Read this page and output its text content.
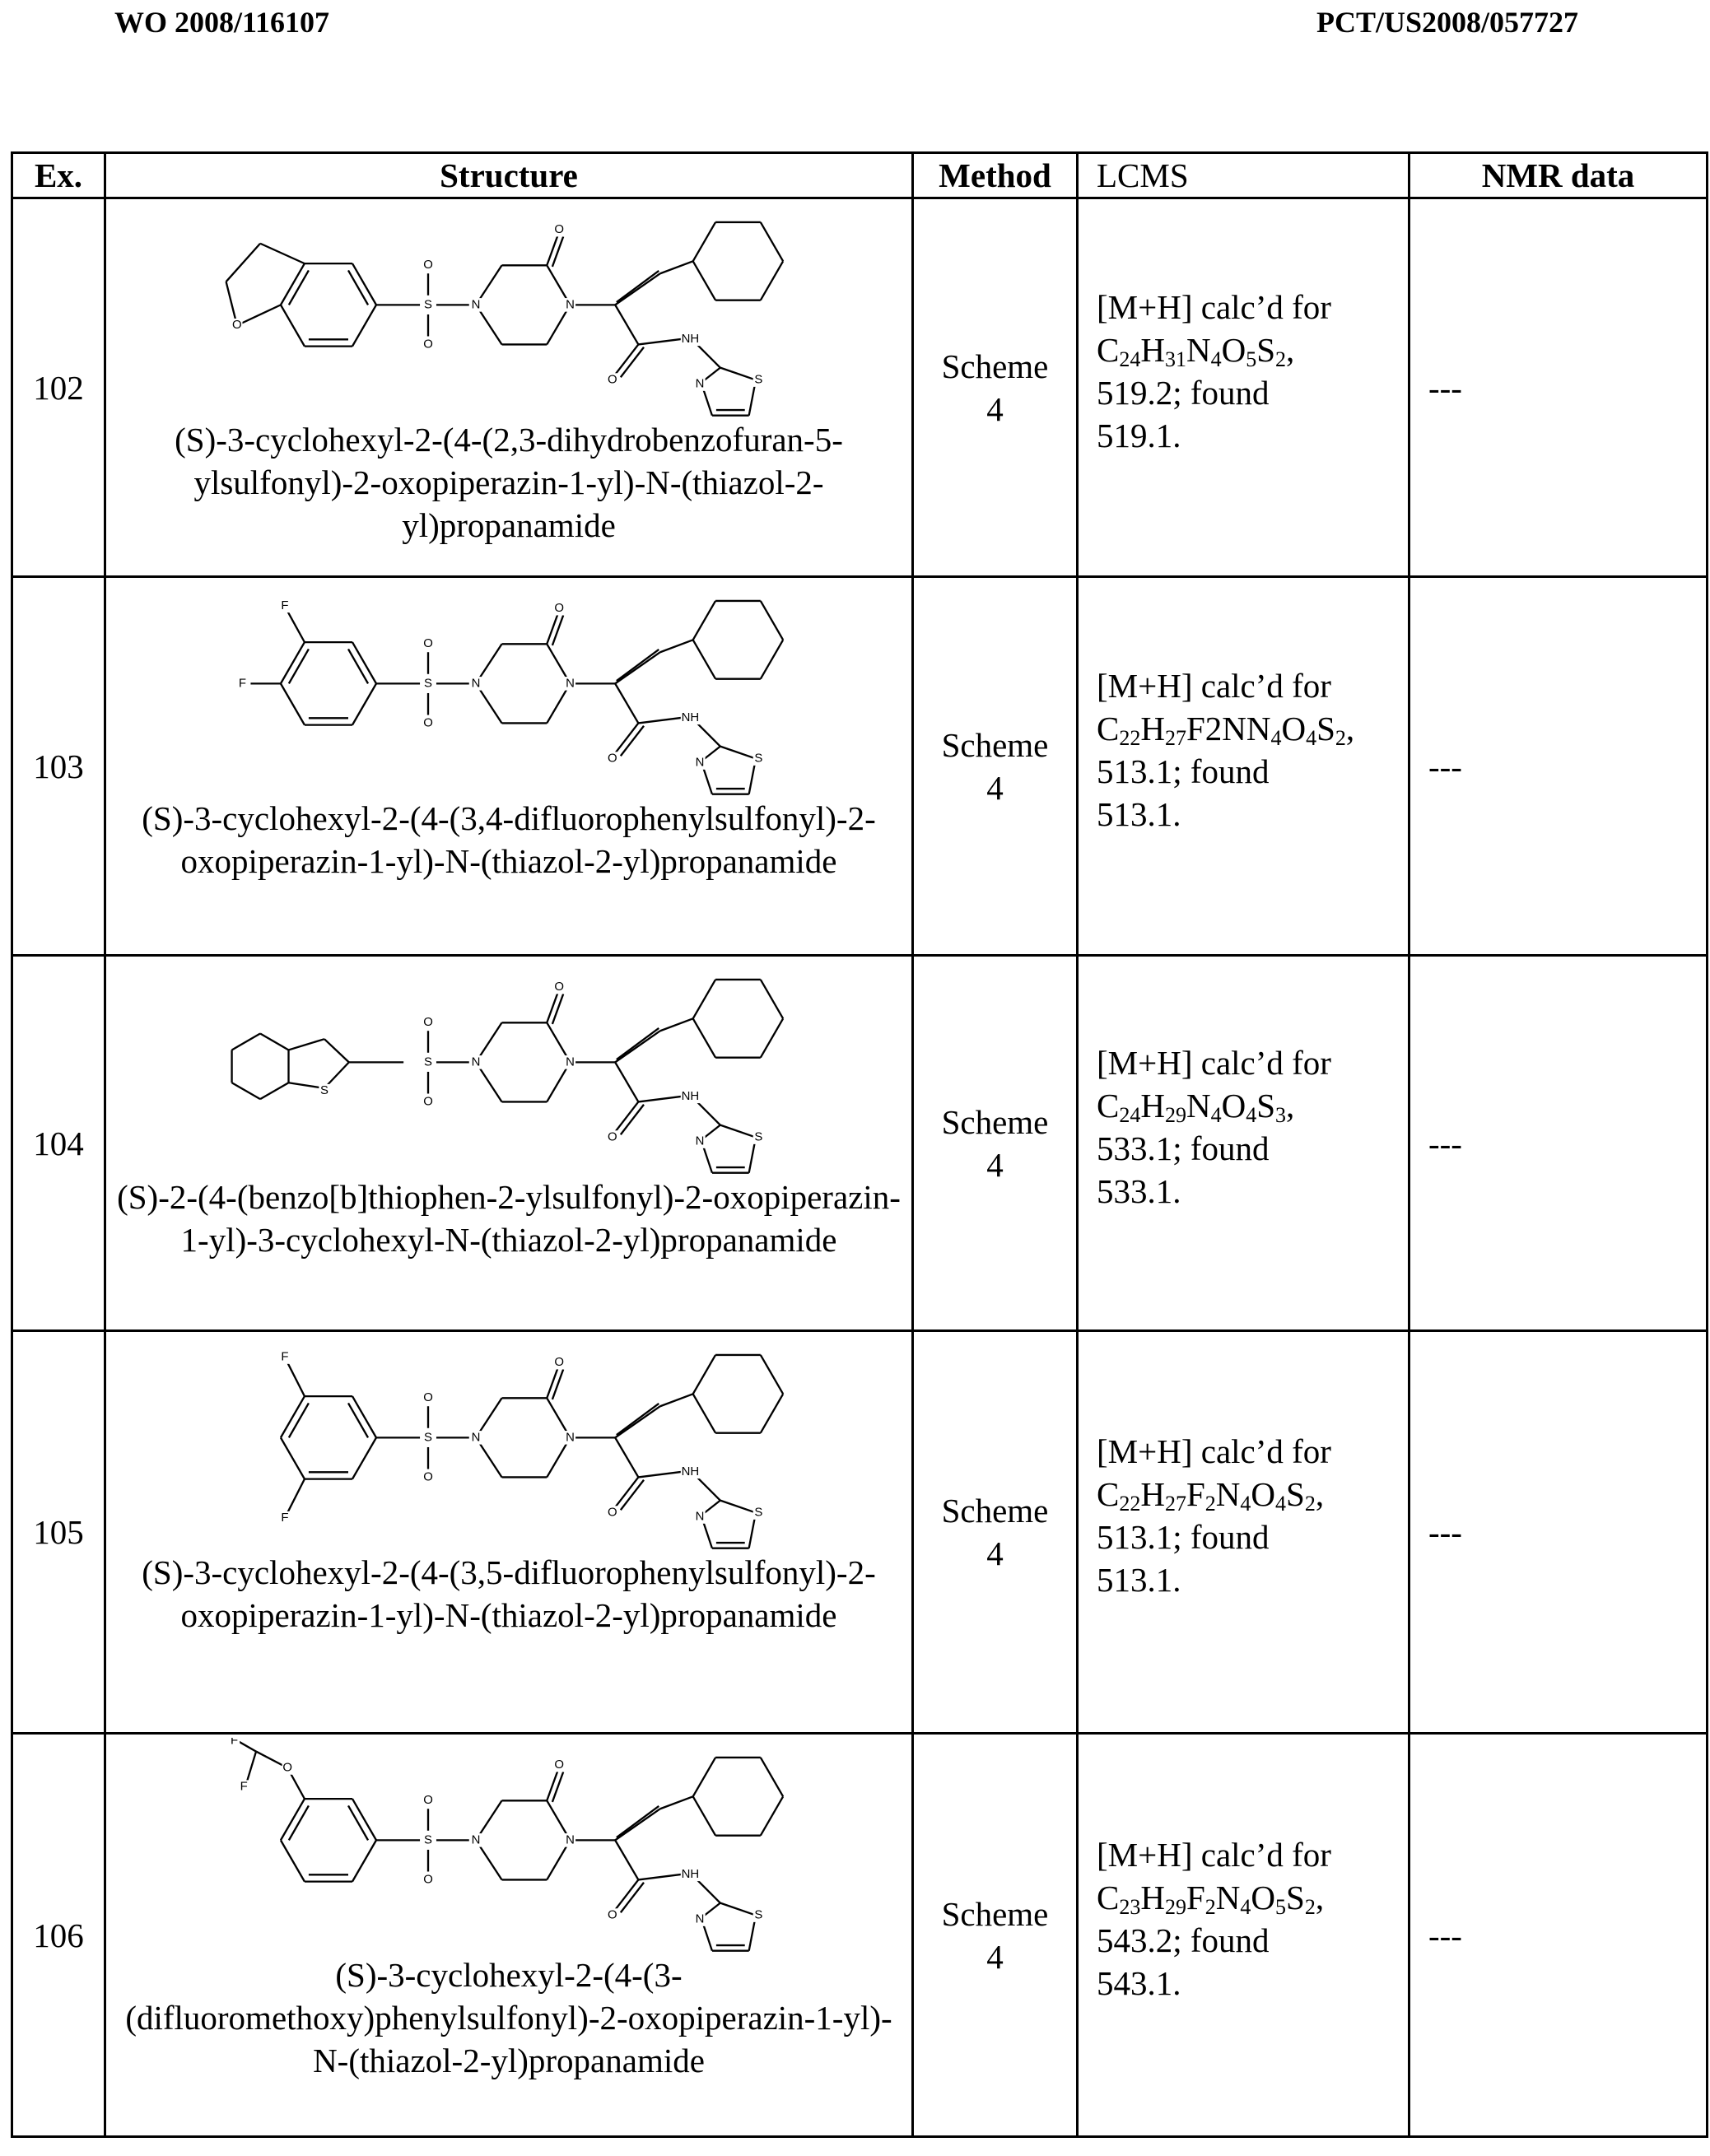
WO 2008/116107	PCT/US2008/057727
Ex.	Structure	Method	LCMS	NMR data
102	
O
S
O
O
N	N
O
O
NH
S
N
(S)-3-cyclohexyl-2-(4-(2,3-dihydrobenzofuran-5-ylsulfonyl)-2-oxopiperazin-1-yl)-N-(thiazol-2-yl)propanamide
	Scheme
4	[M+H] calc’d for
C24H31N4O5S2,
519.2; found
519.1.	---
103	
F
F	S
O
O
N	N
O
O
NH
S
N
(S)-3-cyclohexyl-2-(4-(3,4-difluorophenylsulfonyl)-2-oxopiperazin-1-yl)-N-(thiazol-2-yl)propanamide
	Scheme
4	[M+H] calc’d for
C22H27F2NN4O4S2,
513.1; found
513.1.	---
104	
S
S
O
O
N	N
O
O
NH
S
N
(S)-2-(4-(benzo[b]thiophen-2-ylsulfonyl)-2-oxopiperazin-1-yl)-3-cyclohexyl-N-(thiazol-2-yl)propanamide
	Scheme
4	[M+H] calc’d for
C24H29N4O4S3,
533.1; found
533.1.	---
105	
F
F
S
O
O
N	N
O
O
NH
S
N
(S)-3-cyclohexyl-2-(4-(3,5-difluorophenylsulfonyl)-2-oxopiperazin-1-yl)-N-(thiazol-2-yl)propanamide
	Scheme
4	[M+H] calc’d for
C22H27F2N4O4S2,
513.1; found
513.1.	---
106	
F
F
O
S
O
O
N	N
O
O
NH
S
N
(S)-3-cyclohexyl-2-(4-(3-(difluoromethoxy)phenylsulfonyl)-2-oxopiperazin-1-yl)-N-(thiazol-2-yl)propanamide
	Scheme
4	[M+H] calc’d for
C23H29F2N4O5S2,
543.2; found
543.1.	---
